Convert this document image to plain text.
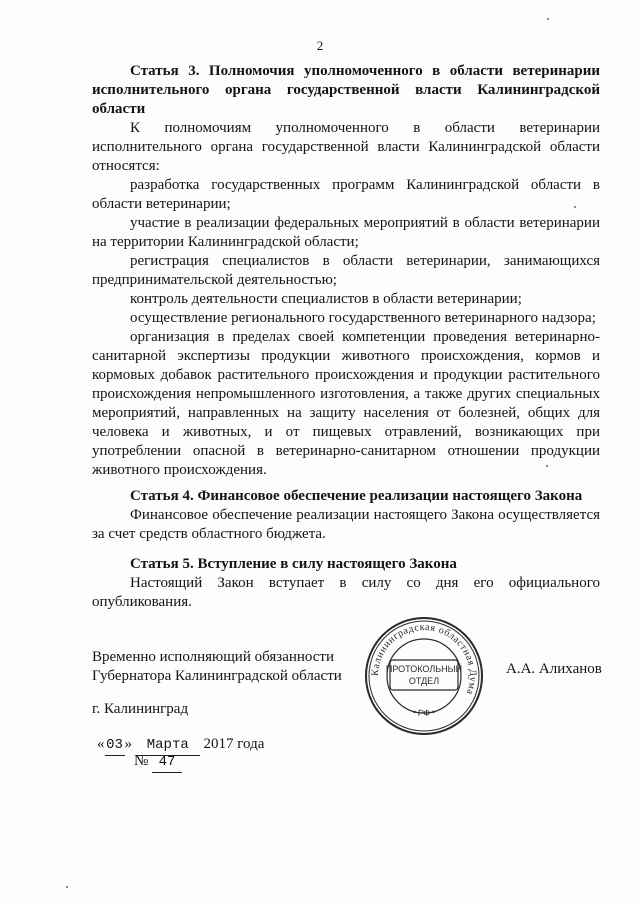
2

Статья 3. Полномочия уполномоченного в области ветеринарии исполнительного органа государственной власти Калининградской области

К полномочиям уполномоченного в области ветеринарии исполнительного органа государственной власти Калининградской области относятся:

разработка государственных программ Калининградской области в области ветеринарии;

участие в реализации федеральных мероприятий в области ветеринарии на территории Калининградской области;

регистрация специалистов в области ветеринарии, занимающихся предпринимательской деятельностью;

контроль деятельности специалистов в области ветеринарии;

осуществление регионального государственного ветеринарного надзора;

организация в пределах своей компетенции проведения ветеринарно-санитарной экспертизы продукции животного происхождения, кормов и кормовых добавок растительного происхождения и продукции растительного происхождения непромышленного изготовления, а также других специальных мероприятий, направленных на защиту населения от болезней, общих для человека и животных, и от пищевых отравлений, возникающих при употреблении опасной в ветеринарно-санитарном отношении продукции животного происхождения.

Статья 4. Финансовое обеспечение реализации настоящего Закона

Финансовое обеспечение реализации настоящего Закона осуществляется за счет средств областного бюджета.

Статья 5. Вступление в силу настоящего Закона

Настоящий Закон вступает в силу со дня его официального опубликования.

Временно исполняющий обязанности
Губернатора Калининградской области	А.А. Алиханов
Калининградская областная Дума
• РФ •
ПРОТОКОЛЬНЫЙ
ОТДЕЛ
г. Калининград
« 03 » Марта 2017 года
№ 47
